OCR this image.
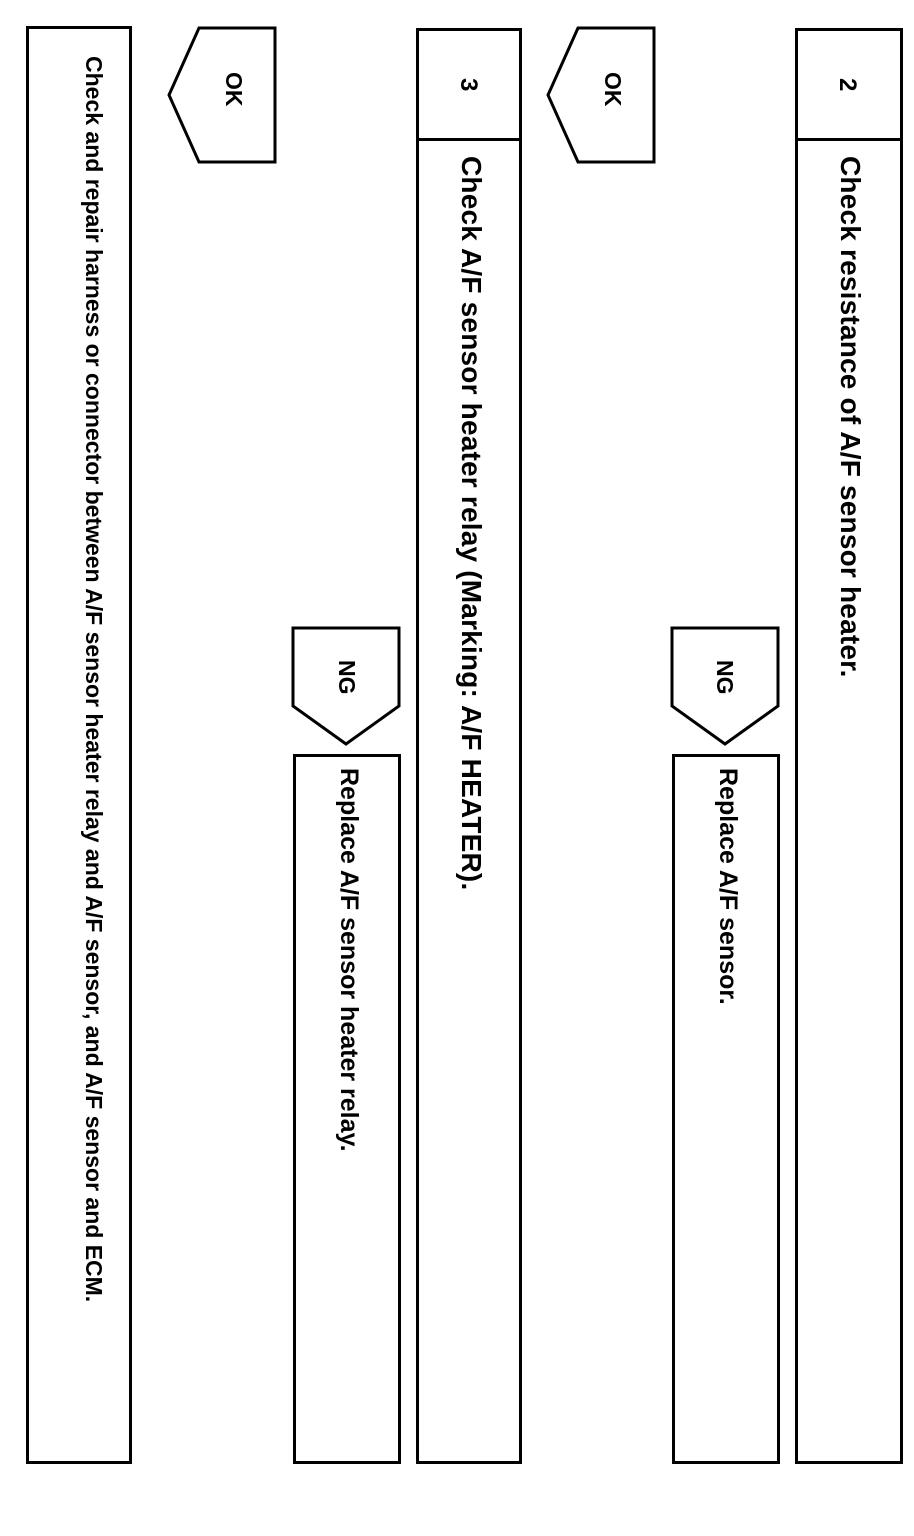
2
Check resistance of A/F sensor heater.
NG
Replace A/F sensor.
OK
3
Check A/F sensor heater relay (Marking: A/F HEATER).
NG
Replace A/F sensor heater relay.
OK
Check and repair harness or connector between A/F sensor heater relay and A/F sensor, and A/F sensor and ECM.
